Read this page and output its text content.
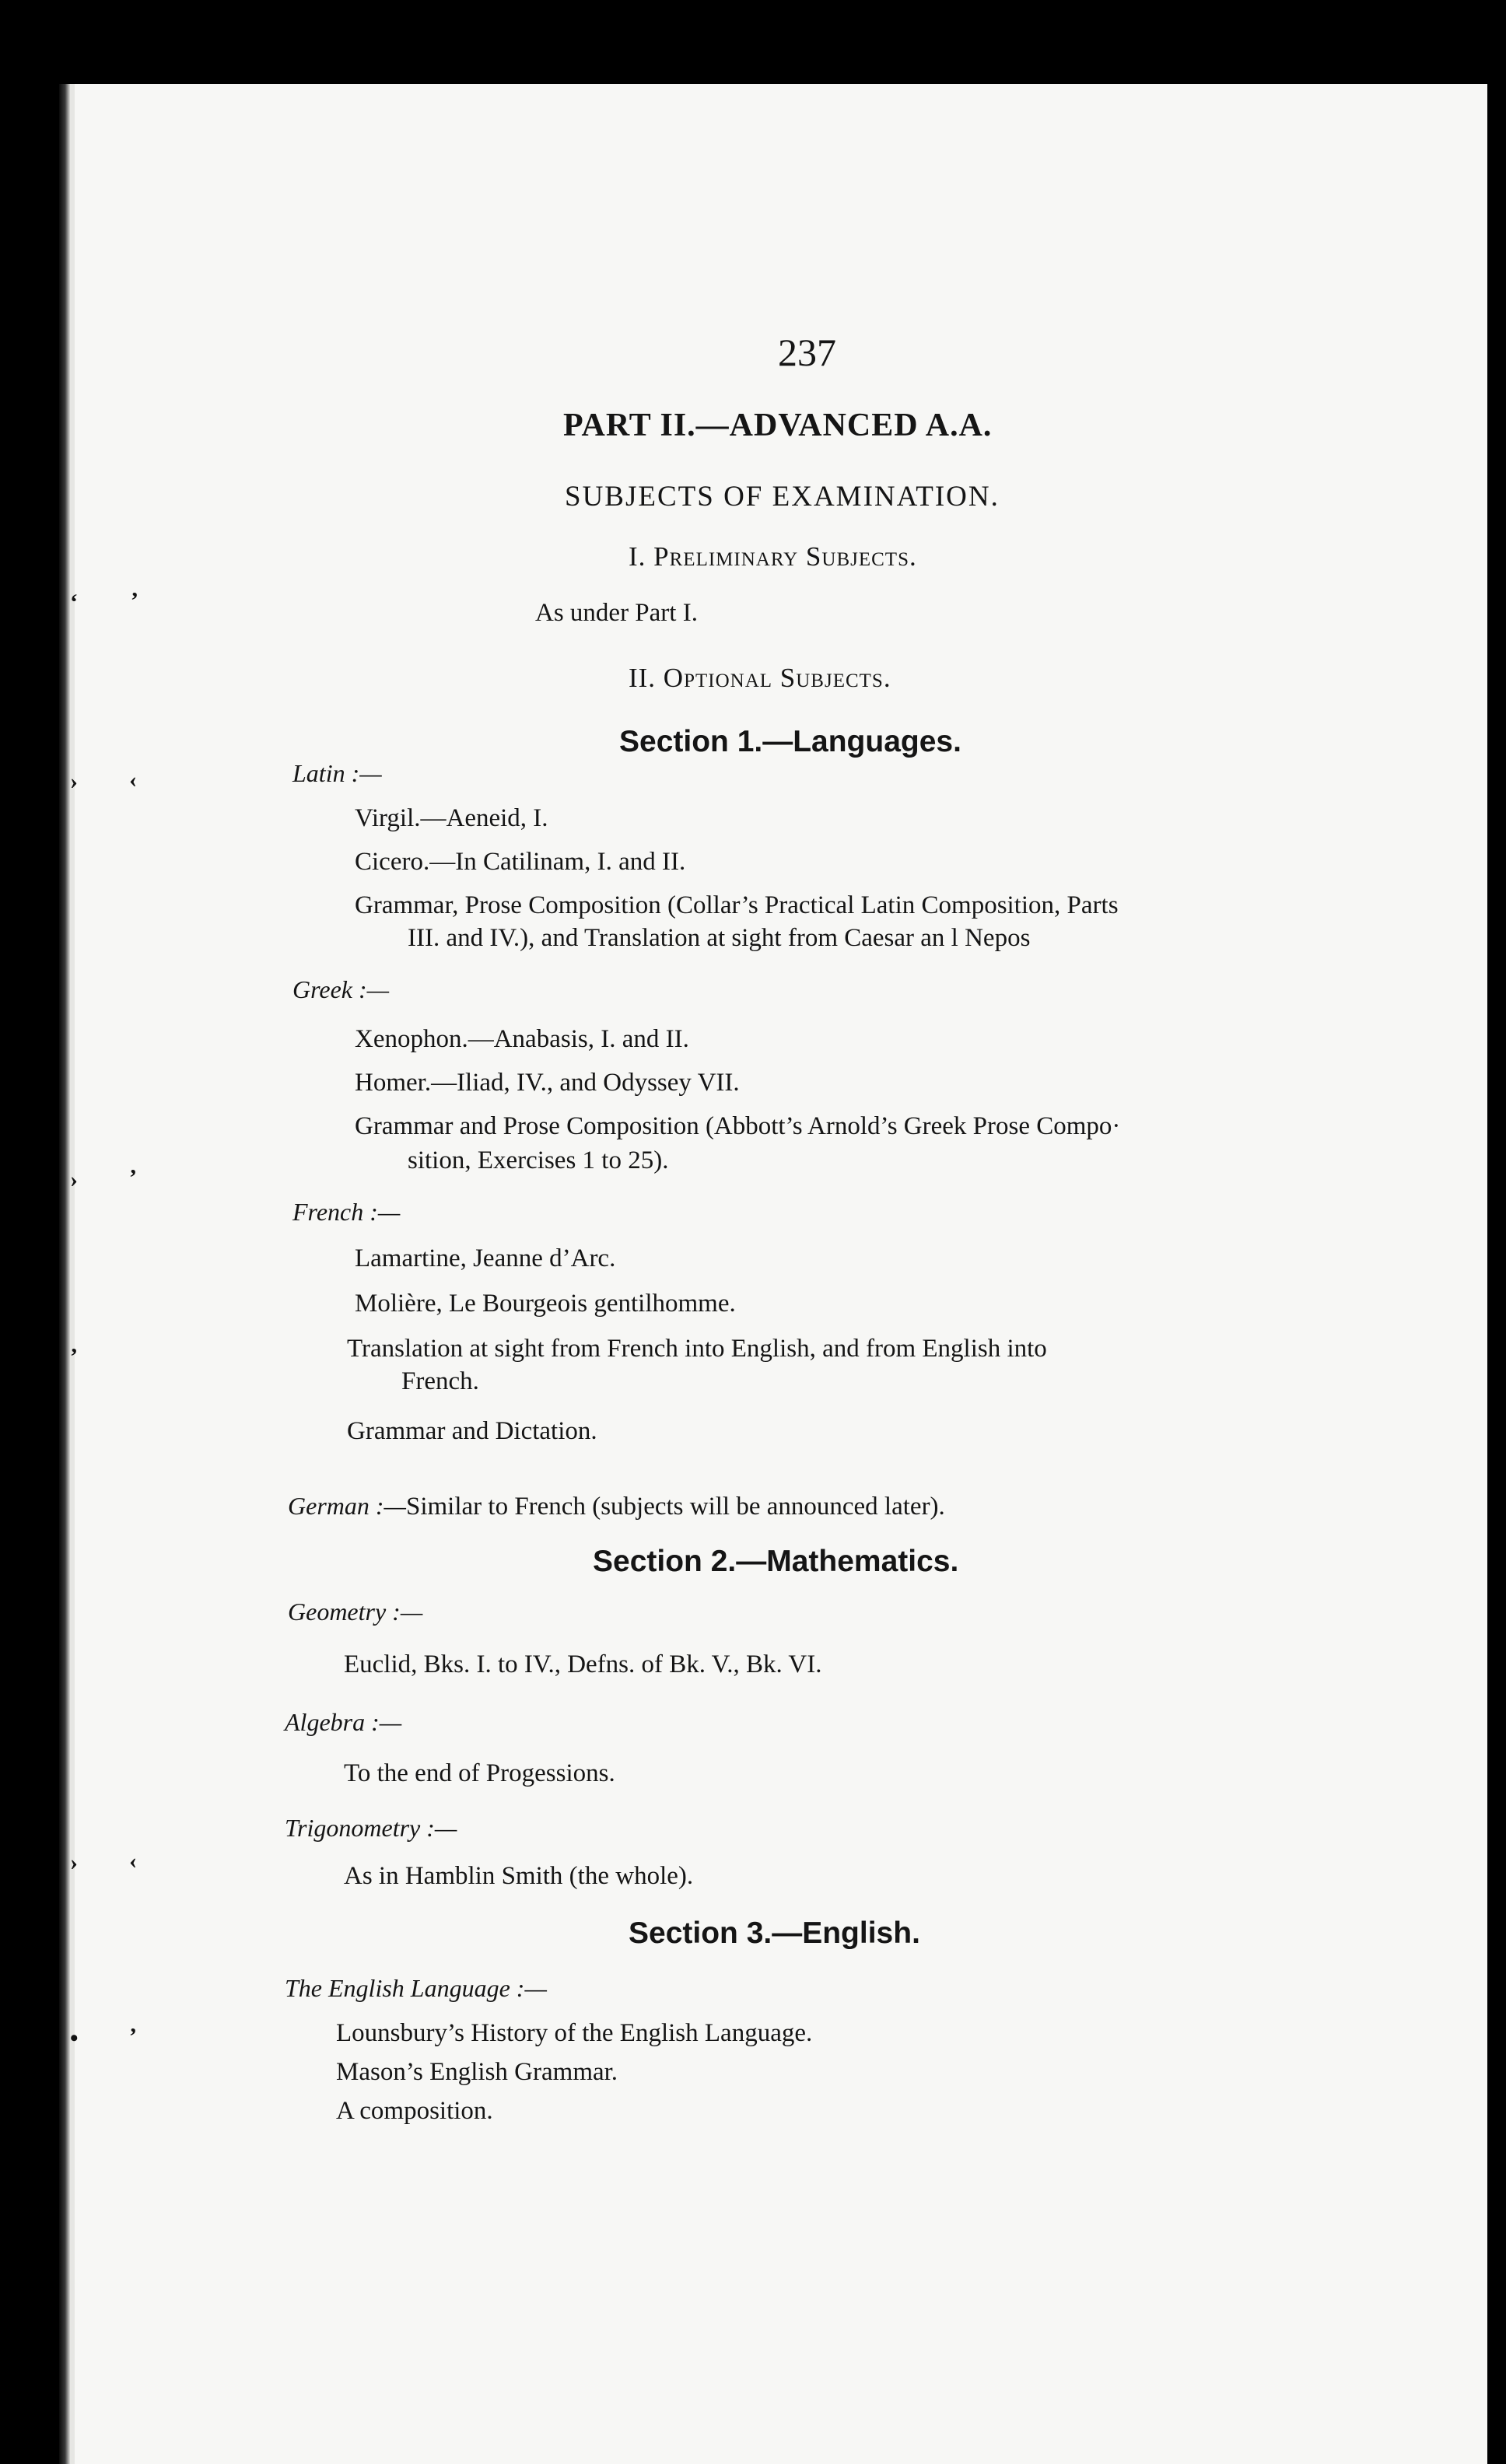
ʻ ʼ
› ‹
› ʼ
ʼ
› ‹
• ʼ
237
PART II.—ADVANCED A.A.
SUBJECTS OF EXAMINATION.
I. Preliminary Subjects.
As under Part I.
II. Optional Subjects.
Section 1.—Languages.
Latin :—
Virgil.—Aeneid, I.
Cicero.—In Catilinam, I. and II.
Grammar, Prose Composition (Collar’s Practical Latin Composition, Parts
III. and IV.), and Translation at sight from Caesar an l Nepos
Greek :—
Xenophon.—Anabasis, I. and II.
Homer.—Iliad, IV., and Odyssey VII.
Grammar and Prose Composition (Abbott’s Arnold’s Greek Prose Compo·
sition, Exercises 1 to 25).
French :—
Lamartine, Jeanne d’Arc.
Molière, Le Bourgeois gentilhomme.
Translation at sight from French into English, and from English into
French.
Grammar and Dictation.
German :—Similar to French (subjects will be announced later).
Section 2.—Mathematics.
Geometry :—
Euclid, Bks. I. to IV., Defns. of Bk. V., Bk. VI.
Algebra :—
To the end of Progessions.
Trigonometry :—
As in Hamblin Smith (the whole).
Section 3.—English.
The English Language :—
Lounsbury’s History of the English Language.
Mason’s English Grammar.
A composition.
